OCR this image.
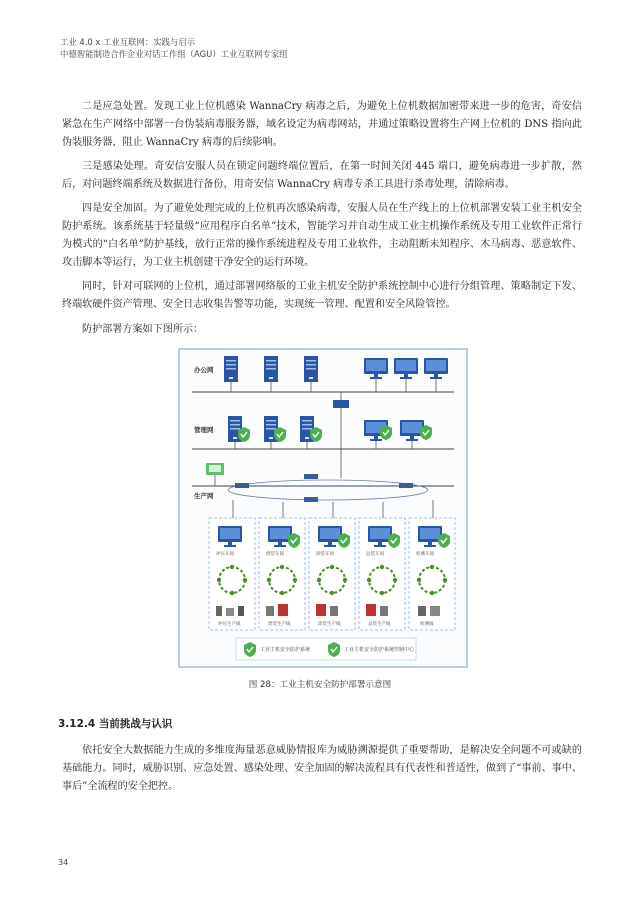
工业 4.0 x 工业互联网：实践与启示
中德智能制造合作企业对话工作组（AGU）工业互联网专家组

二是应急处置。发现工业上位机感染 WannaCry 病毒之后，为避免上位机数据加密带来进一步的危害，奇安信紧急在生产网络中部署一台伪装病毒服务器，域名设定为病毒网站，并通过策略设置将生产网上位机的 DNS 指向此伪装服务器，阻止 WannaCry 病毒的后续影响。

三是感染处理。奇安信安服人员在锁定问题终端位置后，在第一时间关闭 445 端口，避免病毒进一步扩散，然后，对问题终端系统及数据进行备份，用奇安信 WannaCry 病毒专杀工具进行杀毒处理，清除病毒。

四是安全加固。为了避免处理完成的上位机再次感染病毒，安服人员在生产线上的上位机部署安装工业主机安全防护系统。该系统基于轻量级“应用程序白名单”技术，智能学习并自动生成工业主机操作系统及专用工业软件正常行为模式的“白名单”防护基线，放行正常的操作系统进程及专用工业软件，主动阻断未知程序、木马病毒、恶意软件、攻击脚本等运行，为工业主机创建干净安全的运行环境。

同时，针对可联网的上位机，通过部署网络版的工业主机安全防护系统控制中心进行分组管理、策略制定下发、终端软硬件资产管理、安全日志收集告警等功能，实现统一管理、配置和安全风险管控。

防护部署方案如下图所示：

办公网
管理网
生产网
冲压车间
冲压生产线
焊装车间
焊装生产线
涂装车间
涂装生产线
总装车间
总装生产线
检测车间
检测线
工业主机安全防护系统	工业主机安全防护系统控制中心
图 28：工业主机安全防护部署示意图
3.12.4 当前挑战与认识

依托安全大数据能力生成的多维度海量恶意威胁情报库为威胁溯源提供了重要帮助，是解决安全问题不可或缺的基础能力。同时，威胁识别、应急处置、感染处理、安全加固的解决流程具有代表性和普适性，做到了“事前、事中、事后”全流程的安全把控。

34
